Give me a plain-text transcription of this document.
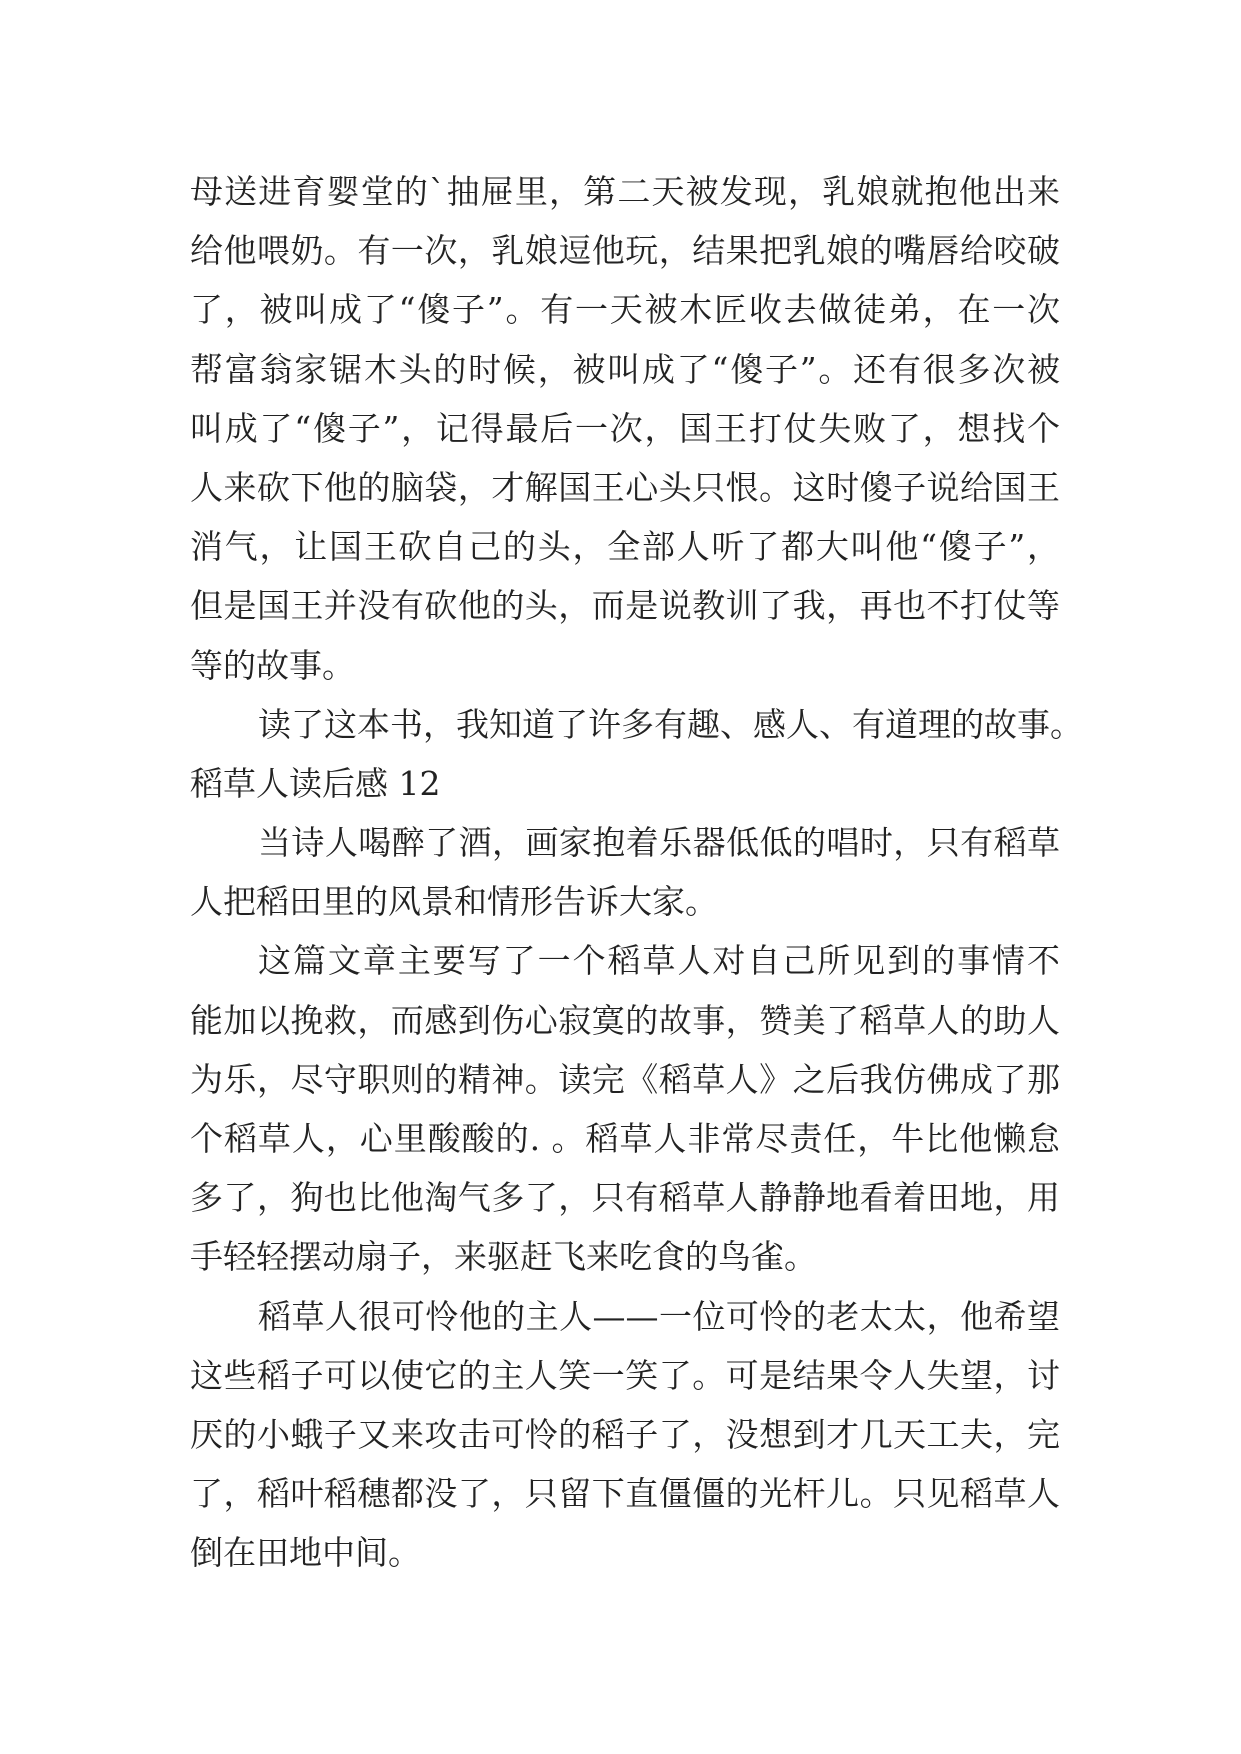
母送进育婴堂的`抽屉里，第二天被发现，乳娘就抱他出来
给他喂奶。有一次，乳娘逗他玩，结果把乳娘的嘴唇给咬破
了，被叫成了“傻子”。有一天被木匠收去做徒弟，在一次
帮富翁家锯木头的时候，被叫成了“傻子”。还有很多次被
叫成了“傻子”，记得最后一次，国王打仗失败了，想找个
人来砍下他的脑袋，才解国王心头只恨。这时傻子说给国王
消气，让国王砍自己的头，全部人听了都大叫他“傻子”，
但是国王并没有砍他的头，而是说教训了我，再也不打仗等
等的故事。
读了这本书，我知道了许多有趣、感人、有道理的故事。
稻草人读后感 12
当诗人喝醉了酒，画家抱着乐器低低的唱时，只有稻草
人把稻田里的风景和情形告诉大家。
这篇文章主要写了一个稻草人对自己所见到的事情不
能加以挽救，而感到伤心寂寞的故事，赞美了稻草人的助人
为乐，尽守职则的精神。读完《稻草人》之后我仿佛成了那
个稻草人，心里酸酸的. 。稻草人非常尽责任，牛比他懒怠
多了，狗也比他淘气多了，只有稻草人静静地看着田地，用
手轻轻摆动扇子，来驱赶飞来吃食的鸟雀。
稻草人很可怜他的主人——一位可怜的老太太，他希望
这些稻子可以使它的主人笑一笑了。可是结果令人失望，讨
厌的小蛾子又来攻击可怜的稻子了，没想到才几天工夫，完
了，稻叶稻穗都没了，只留下直僵僵的光杆儿。只见稻草人
倒在田地中间。
